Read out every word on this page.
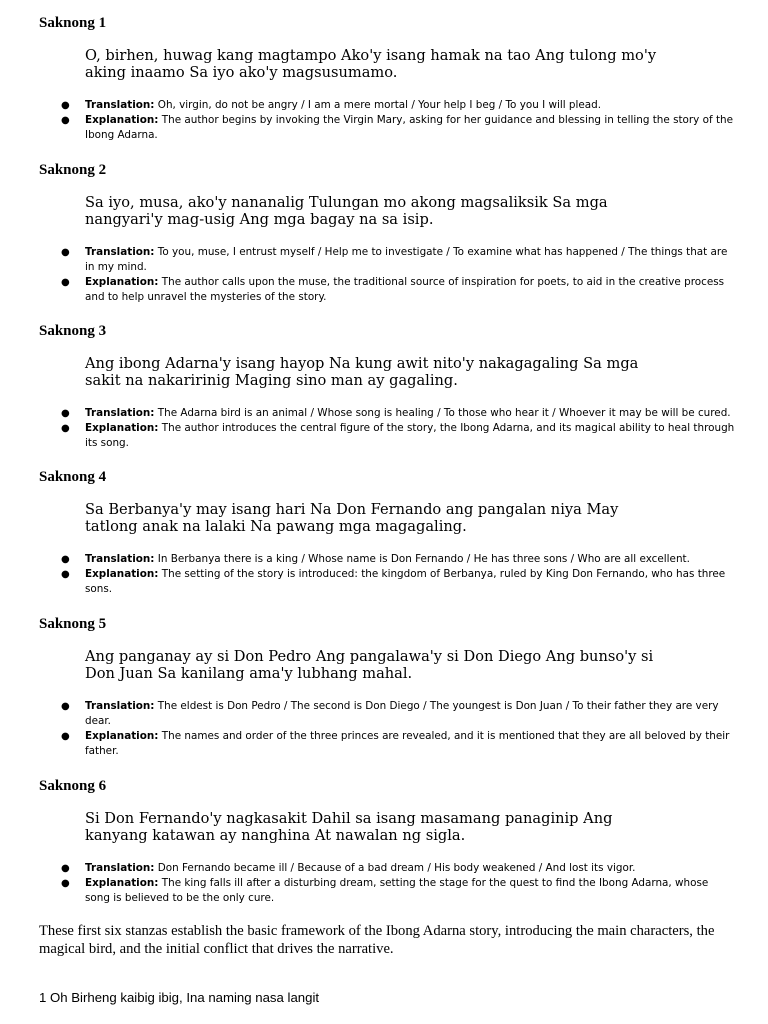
Saknong 1

O, birhen, huwag kang magtampo Ako'y isang hamak na tao Ang tulong mo'y aking inaamo Sa iyo ako'y magsusumamo.

● Translation: Oh, virgin, do not be angry / I am a mere mortal / Your help I beg / To you I will plead.
● Explanation: The author begins by invoking the Virgin Mary, asking for her guidance and blessing in telling the story of the Ibong Adarna.
Saknong 2

Sa iyo, musa, ako'y nananalig Tulungan mo akong magsaliksik Sa mga nangyari'y mag-usig Ang mga bagay na sa isip.

● Translation: To you, muse, I entrust myself / Help me to investigate / To examine what has happened / The things that are in my mind.
● Explanation: The author calls upon the muse, the traditional source of inspiration for poets, to aid in the creative process and to help unravel the mysteries of the story.
Saknong 3

Ang ibong Adarna'y isang hayop Na kung awit nito'y nakagagaling Sa mga sakit na nakaririnig Maging sino man ay gagaling.

● Translation: The Adarna bird is an animal / Whose song is healing / To those who hear it / Whoever it may be will be cured.
● Explanation: The author introduces the central figure of the story, the Ibong Adarna, and its magical ability to heal through its song.
Saknong 4

Sa Berbanya'y may isang hari Na Don Fernando ang pangalan niya May tatlong anak na lalaki Na pawang mga magagaling.

● Translation: In Berbanya there is a king / Whose name is Don Fernando / He has three sons / Who are all excellent.
● Explanation: The setting of the story is introduced: the kingdom of Berbanya, ruled by King Don Fernando, who has three sons.
Saknong 5

Ang panganay ay si Don Pedro Ang pangalawa'y si Don Diego Ang bunso'y si Don Juan Sa kanilang ama'y lubhang mahal.

● Translation: The eldest is Don Pedro / The second is Don Diego / The youngest is Don Juan / To their father they are very dear.
● Explanation: The names and order of the three princes are revealed, and it is mentioned that they are all beloved by their father.
Saknong 6

Si Don Fernando'y nagkasakit Dahil sa isang masamang panaginip Ang kanyang katawan ay nanghina At nawalan ng sigla.

● Translation: Don Fernando became ill / Because of a bad dream / His body weakened / And lost its vigor.
● Explanation: The king falls ill after a disturbing dream, setting the stage for the quest to find the Ibong Adarna, whose song is believed to be the only cure.

These first six stanzas establish the basic framework of the Ibong Adarna story, introducing the main characters, the magical bird, and the initial conflict that drives the narrative.

1 Oh Birheng kaibig ibig, Ina naming nasa langit
